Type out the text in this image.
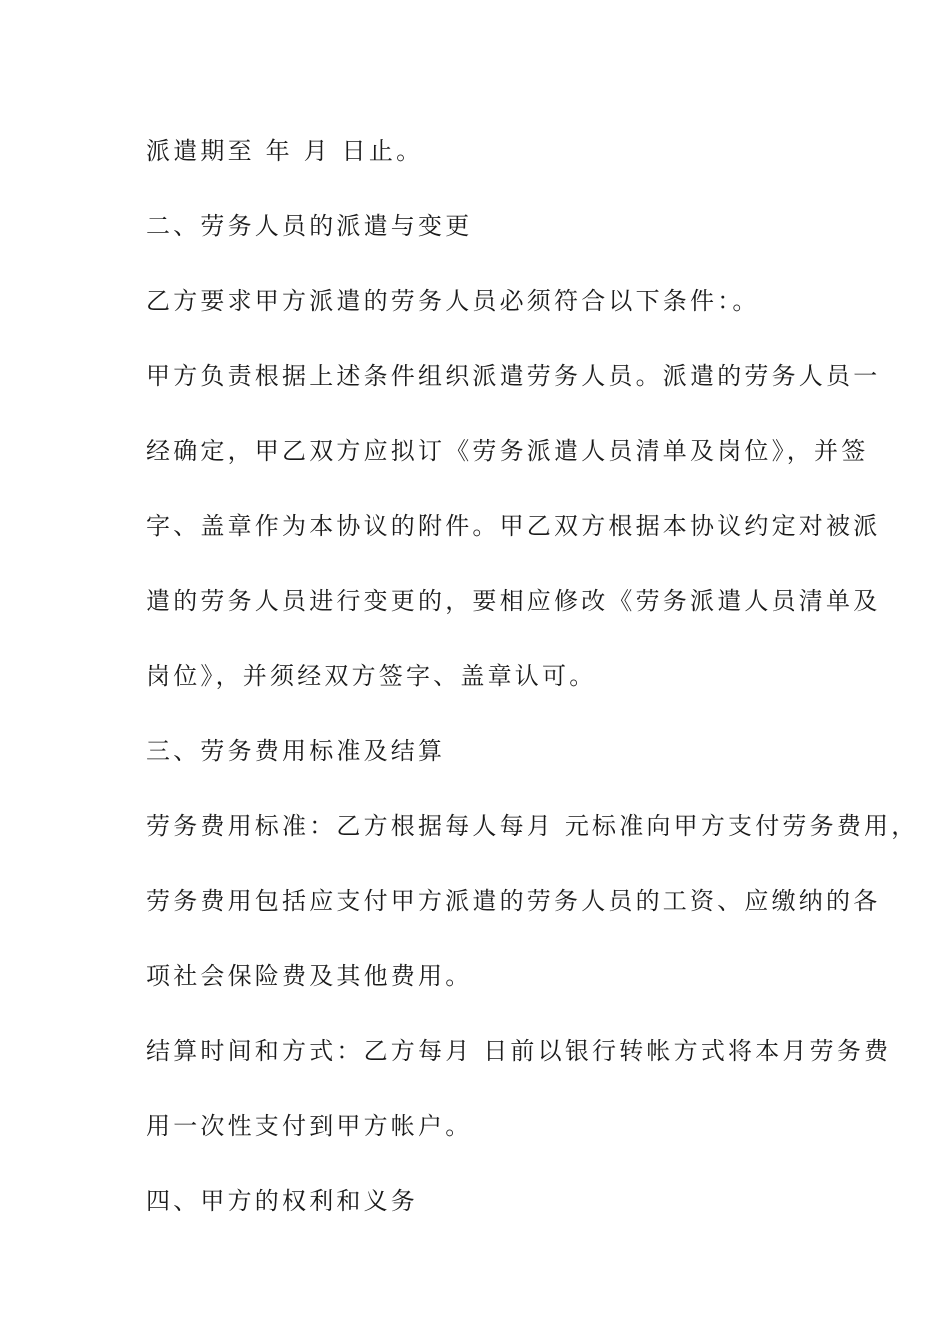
派遣期至 年 月 日止。
二、劳务人员的派遣与变更
乙方要求甲方派遣的劳务人员必须符合以下条件：。
甲方负责根据上述条件组织派遣劳务人员。派遣的劳务人员一
经确定，甲乙双方应拟订《劳务派遣人员清单及岗位》，并签
字、盖章作为本协议的附件。甲乙双方根据本协议约定对被派
遣的劳务人员进行变更的，要相应修改《劳务派遣人员清单及
岗位》，并须经双方签字、盖章认可。
三、劳务费用标准及结算
劳务费用标准：乙方根据每人每月 元标准向甲方支付劳务费用，
劳务费用包括应支付甲方派遣的劳务人员的工资、应缴纳的各
项社会保险费及其他费用。
结算时间和方式：乙方每月 日前以银行转帐方式将本月劳务费
用一次性支付到甲方帐户。
四、甲方的权利和义务
